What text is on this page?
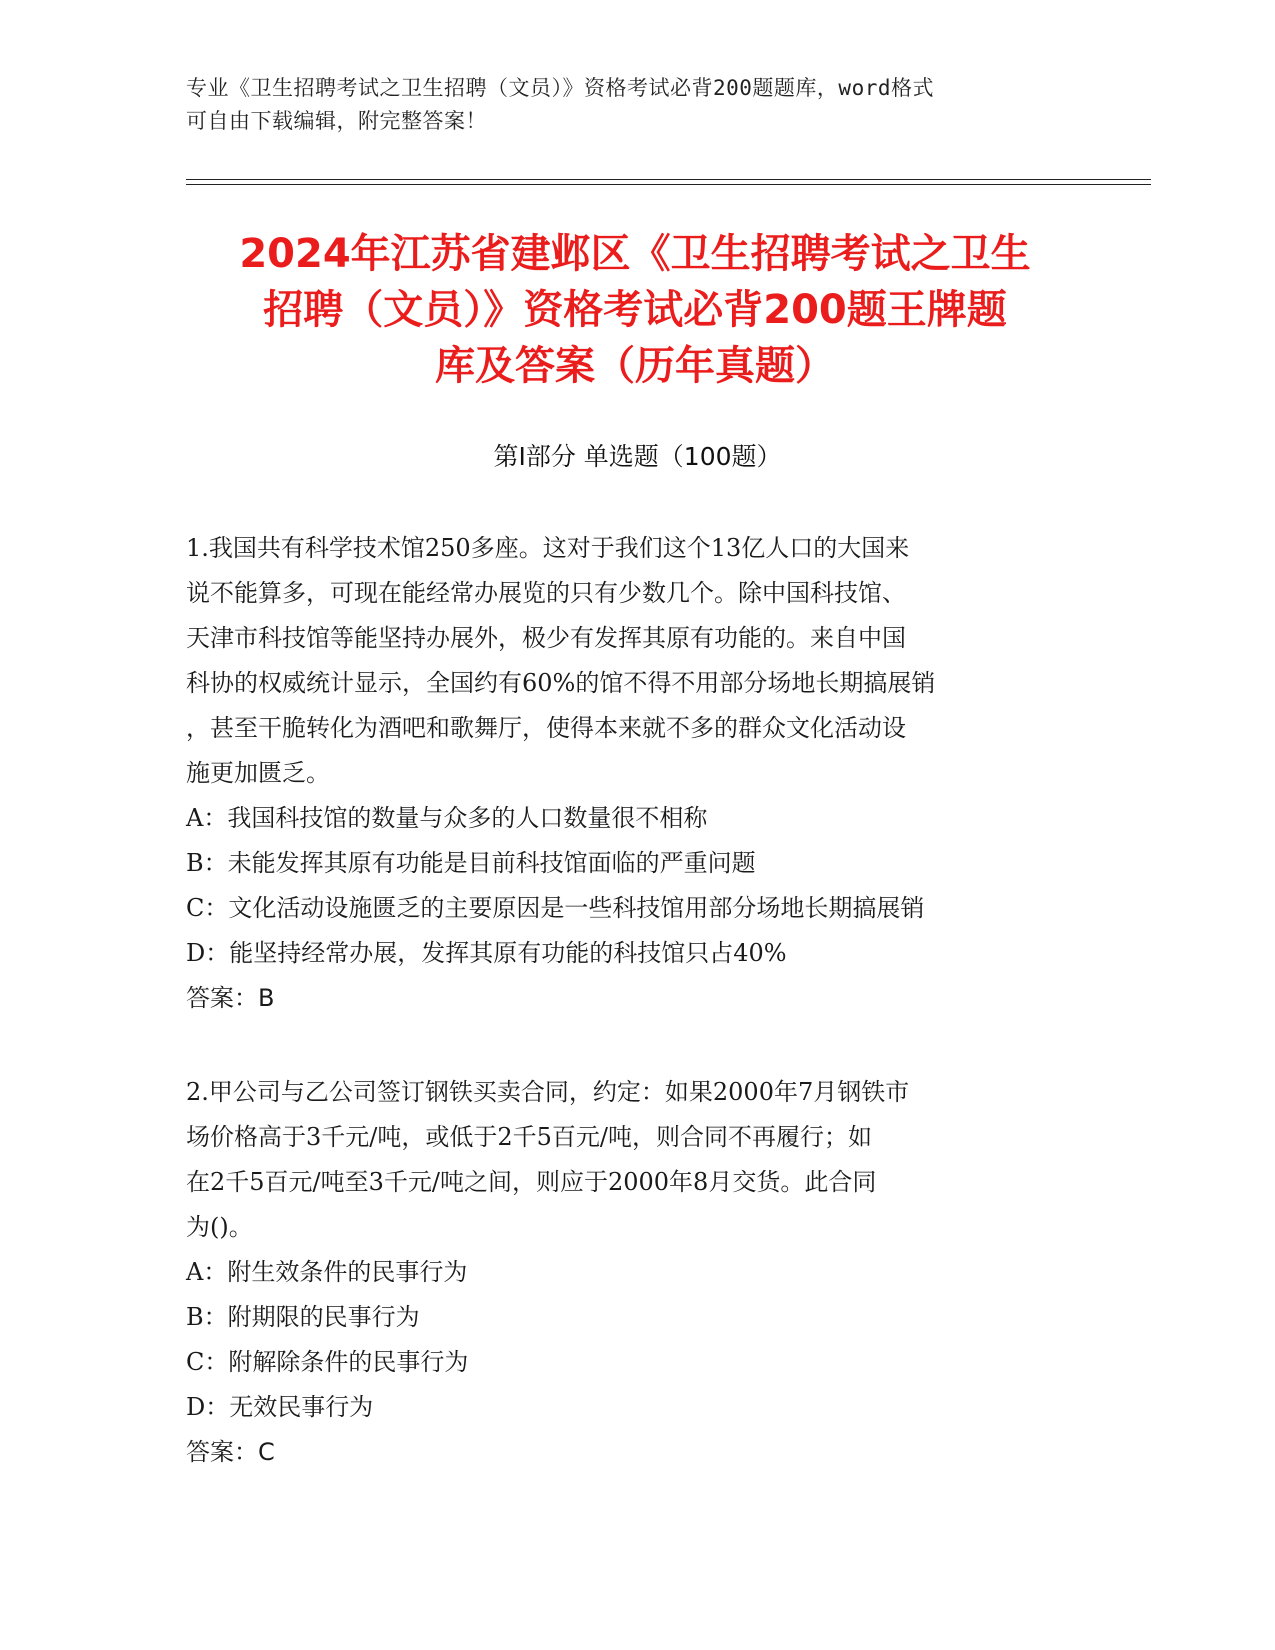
专业《卫生招聘考试之卫生招聘（文员）》资格考试必背200题题库，word格式
可自由下载编辑，附完整答案！
2024年江苏省建邺区《卫生招聘考试之卫生
招聘（文员）》资格考试必背200题王牌题
库及答案（历年真题）
第Ⅰ部分 单选题（100题）
1.我国共有科学技术馆250多座。这对于我们这个13亿人口的大国来
说不能算多，可现在能经常办展览的只有少数几个。除中国科技馆、
天津市科技馆等能坚持办展外，极少有发挥其原有功能的。来自中国
科协的权威统计显示，全国约有60%的馆不得不用部分场地长期搞展销
，甚至干脆转化为酒吧和歌舞厅，使得本来就不多的群众文化活动设
施更加匮乏。
A：我国科技馆的数量与众多的人口数量很不相称
B：未能发挥其原有功能是目前科技馆面临的严重问题
C：文化活动设施匮乏的主要原因是一些科技馆用部分场地长期搞展销
D：能坚持经常办展，发挥其原有功能的科技馆只占40%
答案：B
2.甲公司与乙公司签订钢铁买卖合同，约定：如果2000年7月钢铁市
场价格高于3千元/吨，或低于2千5百元/吨，则合同不再履行；如
在2千5百元/吨至3千元/吨之间，则应于2000年8月交货。此合同
为()。
A：附生效条件的民事行为
B：附期限的民事行为
C：附解除条件的民事行为
D：无效民事行为
答案：C
